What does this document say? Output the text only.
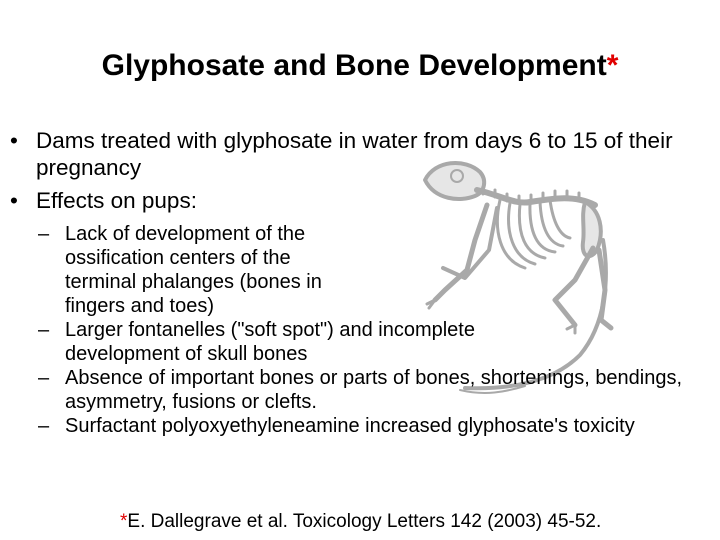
Glyphosate and Bone Development*
• Dams treated with glyphosate in water from days 6 to 15 of their pregnancy
• Effects on pups:
– Lack of development of the ossification centers of the terminal phalanges (bones in fingers and toes)
– Larger fontanelles ("soft spot") and incomplete development of skull bones
– Absence of important bones or parts of bones, shortenings, bendings, asymmetry, fusions or clefts.
– Surfactant polyoxyethyleneamine increased glyphosate's toxicity
*E. Dallegrave et al. Toxicology Letters 142 (2003) 45-52.
